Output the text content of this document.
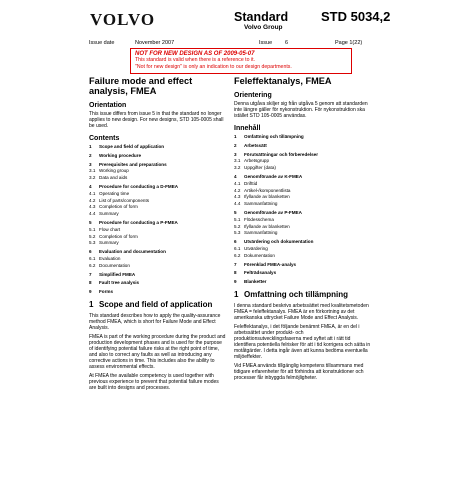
VOLVO	Standard
Volvo Group
STD 5034,2
Issue date	November 2007	Issue 6	Page 1(22)
NOT FOR NEW DESIGN AS OF 2009-05-07
This standard is valid when there is a reference to it.
"Not for new design" is only an indication to our design departments.

Failure mode and effect analysis, FMEA

Orientation

This issue differs from issue 5 in that the standard no longer applies to new design. For new designs, STD 105-0005 shall be used.

Contents
1	Scope and field of application
2	Working procedure
3	Prerequisites and preparations
3.1 Working group
3.2 Data and aids
4	Procedure for conducting a D-FMEA
4.1 Operating time
4.2 List of parts/components
4.3 Completion of form
4.4 Summary
5	Procedure for conducting a P-FMEA
5.1 Flow chart
5.2 Completion of form
5.3 Summary
6	Evaluation and documentation
6.1 Evaluation
6.2 Documentation
7	Simplified FMEA
8	Fault tree analysis
9	Forms
1 Scope and field of application

This standard describes how to apply the quality-assurance method FMEA, which is short for Failure Mode and Effect Analysis.

FMEA is part of the working procedure during the product and production development phases and is used for the purpose of identifying potential failure risks at the right point of time, and also to correct any faults as well as introducing any corrective actions in time. This includes also the ability to assess environmental effects.

At FMEA the available competency is used together with previous experience to prevent that potential failure modes are built into designs and processes.

Feleffektanalys, FMEA

Orientering

Denna utgåva skiljer sig från utgåva 5 genom att standarden inte längre gäller för nykonstruktion. För nykonstruktion ska istället STD 105-0005 användas.

Innehåll
1	Omfattning och tillämpning
2	Arbetssätt
3	Förutsättningar och förberedelser
3.1 Arbetsgrupp
3.2 Uppgifter (data)
4	Genomförande av K-FMEA
4.1 Drifttid
4.2 Artikel-/komponentlista
4.3 Ifyllande av blanketten
4.4 Sammanfattning
5	Genomförande av P-FMEA
5.1 Flödesschema
5.2 Ifyllande av blanketten
5.3 Sammanfattning
6	Utvärdering och dokumentation
6.1 Utvärdering
6.2 Dokumentation
7	Förenklad FMEA-analys
8	Felträdsanalys
9	Blanketter
1 Omfattning och tillämpning

I denna standard beskrivs arbetssättet med kvalitetsmetoden FMEA = feleffektanalys. FMEA är en förkortning av det amerikanska uttrycket Failure Mode and Effect Analysis.

Feleffektanalys, i det följande benämnt FMEA, är en del i arbetssättet under produkt- och produktionsutvecklingsfaserna med syftet att i rätt tid identifiera potentiella felrisker för att i tid korrigera och sätta in motåtgärder. I detta ingår även att kunna bedöma eventuella miljöeffekter.

Vid FMEA används tillgänglig kompetens tillsammans med tidigare erfarenheter för att förhindra att konstruktioner och processer får inbyggda felmöjligheter.
